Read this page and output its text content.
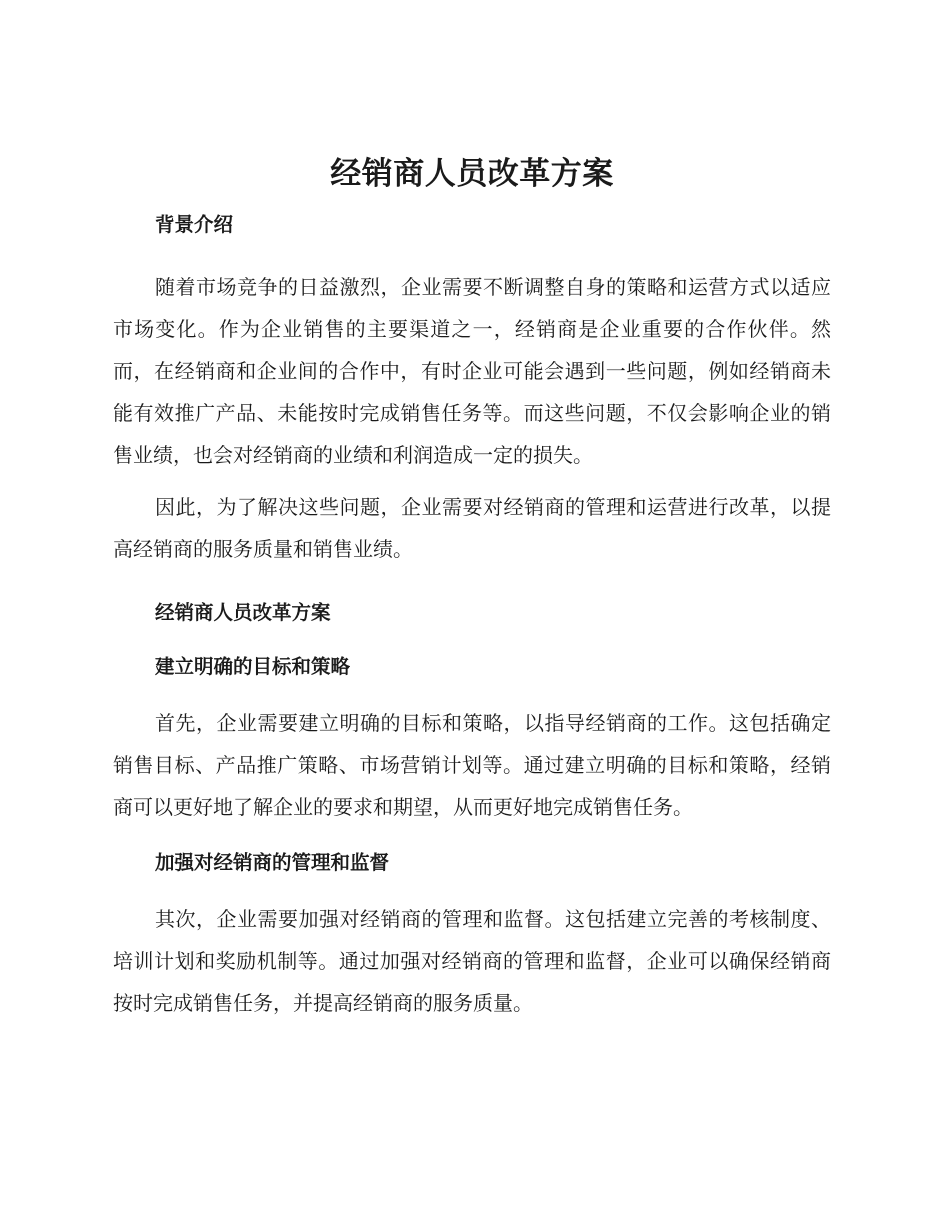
经销商人员改革方案
背景介绍

随着市场竞争的日益激烈，企业需要不断调整自身的策略和运营方式以适应市场变化。作为企业销售的主要渠道之一，经销商是企业重要的合作伙伴。然而，在经销商和企业间的合作中，有时企业可能会遇到一些问题，例如经销商未能有效推广产品、未能按时完成销售任务等。而这些问题，不仅会影响企业的销售业绩，也会对经销商的业绩和利润造成一定的损失。

因此，为了解决这些问题，企业需要对经销商的管理和运营进行改革，以提高经销商的服务质量和销售业绩。

经销商人员改革方案
建立明确的目标和策略

首先，企业需要建立明确的目标和策略，以指导经销商的工作。这包括确定销售目标、产品推广策略、市场营销计划等。通过建立明确的目标和策略，经销商可以更好地了解企业的要求和期望，从而更好地完成销售任务。

加强对经销商的管理和监督

其次，企业需要加强对经销商的管理和监督。这包括建立完善的考核制度、培训计划和奖励机制等。通过加强对经销商的管理和监督，企业可以确保经销商按时完成销售任务，并提高经销商的服务质量。
